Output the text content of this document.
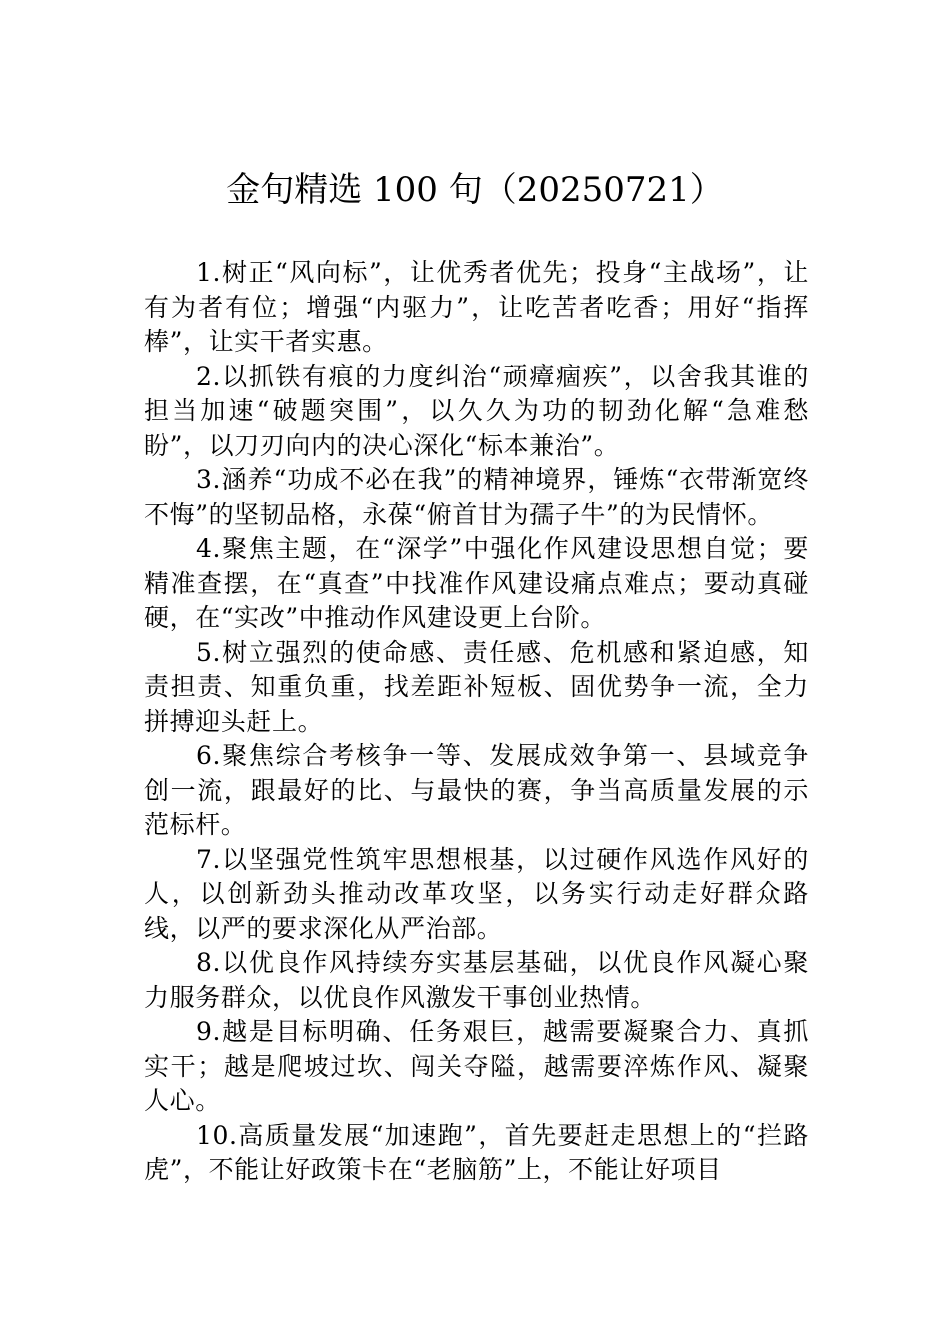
金句精选 100 句（20250721）

1.树正“风向标”，让优秀者优先；投身“主战场”，让有为者有位；增强“内驱力”，让吃苦者吃香；用好“指挥棒”，让实干者实惠。

2.以抓铁有痕的力度纠治“顽瘴痼疾”，以舍我其谁的担当加速“破题突围”，以久久为功的韧劲化解“急难愁盼”，以刀刃向内的决心深化“标本兼治”。

3.涵养“功成不必在我”的精神境界，锤炼“衣带渐宽终不悔”的坚韧品格，永葆“俯首甘为孺子牛”的为民情怀。

4.聚焦主题，在“深学”中强化作风建设思想自觉；要精准查摆，在“真查”中找准作风建设痛点难点；要动真碰硬，在“实改”中推动作风建设更上台阶。

5.树立强烈的使命感、责任感、危机感和紧迫感，知责担责、知重负重，找差距补短板、固优势争一流，全力拼搏迎头赶上。

6.聚焦综合考核争一等、发展成效争第一、县域竞争创一流，跟最好的比、与最快的赛，争当高质量发展的示范标杆。

7.以坚强党性筑牢思想根基，以过硬作风选作风好的人，以创新劲头推动改革攻坚，以务实行动走好群众路线，以严的要求深化从严治部。

8.以优良作风持续夯实基层基础，以优良作风凝心聚力服务群众，以优良作风激发干事创业热情。

9.越是目标明确、任务艰巨，越需要凝聚合力、真抓实干；越是爬坡过坎、闯关夺隘，越需要淬炼作风、凝聚人心。

10.高质量发展“加速跑”，首先要赶走思想上的“拦路虎”，不能让好政策卡在“老脑筋”上，不能让好项目
